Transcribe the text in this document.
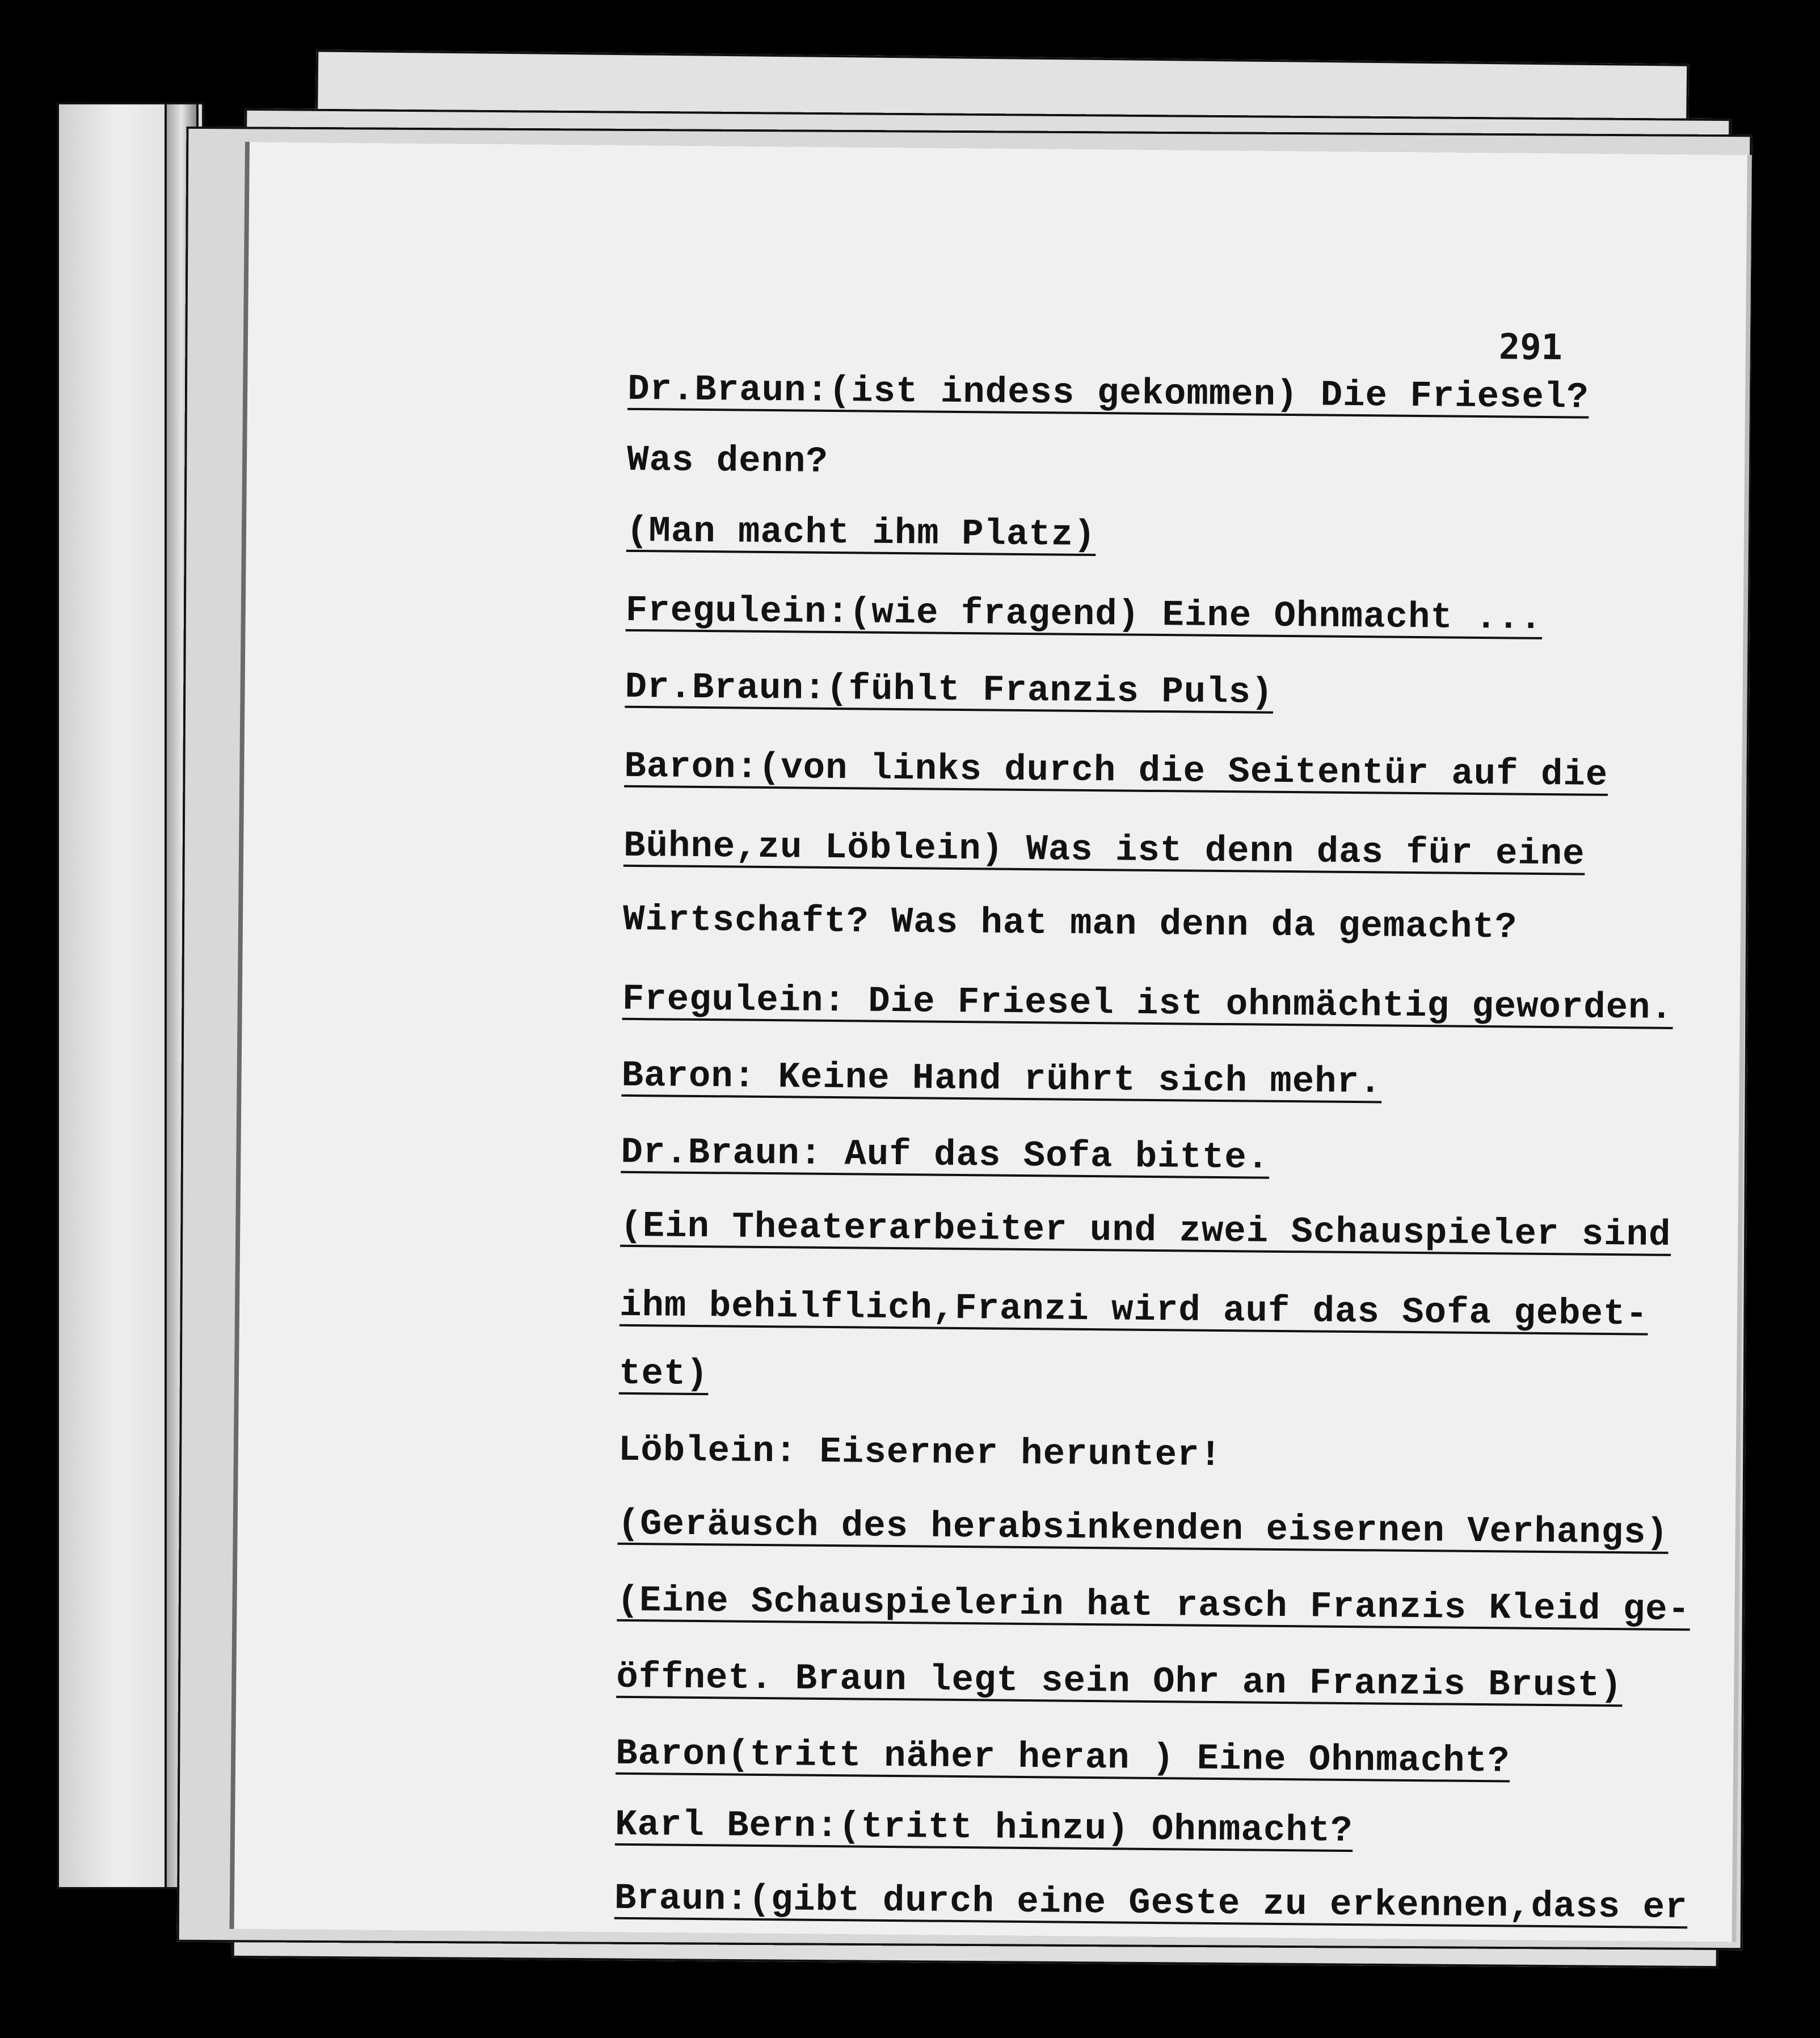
291
Dr.Braun:(ist indess gekommen) Die Friesel?
Was denn?
(Man macht ihm Platz)
Fregulein:(wie fragend) Eine Ohnmacht ...
Dr.Braun:(fühlt Franzis Puls)
Baron:(von links durch die Seitentür auf die
Bühne,zu Löblein) Was ist denn das für eine
Wirtschaft? Was hat man denn da gemacht?
Fregulein: Die Friesel ist ohnmächtig geworden.
Baron: Keine Hand rührt sich mehr.
Dr.Braun: Auf das Sofa bitte.
(Ein Theaterarbeiter und zwei Schauspieler sind
ihm behilflich,Franzi wird auf das Sofa gebet-
tet)
Löblein: Eiserner herunter!
(Geräusch des herabsinkenden eisernen Verhangs)
(Eine Schauspielerin hat rasch Franzis Kleid ge-
öffnet. Braun legt sein Ohr an Franzis Brust)
Baron(tritt näher heran ) Eine Ohnmacht?
Karl Bern:(tritt hinzu) Ohnmacht?
Braun:(gibt durch eine Geste zu erkennen,dass er
